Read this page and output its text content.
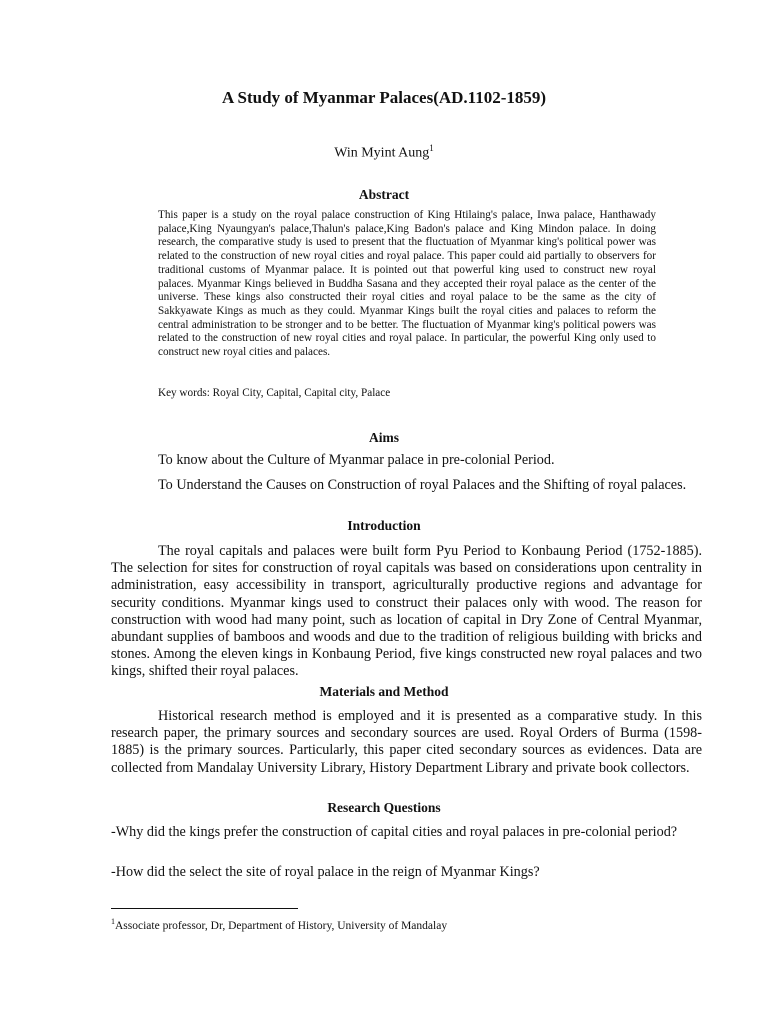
A Study of Myanmar Palaces(AD.1102-1859)
Win Myint Aung$^1$
Abstract

This paper is a study on the royal palace construction of King Htilaing's palace, Inwa palace, Hanthawady palace,King Nyaungyan's palace,Thalun's palace,King Badon's palace and King Mindon palace. In doing research, the comparative study is used to present that the fluctuation of Myanmar king's political power was related to the construction of new royal cities and royal palace. This paper could aid partially to observers for traditional customs of Myanmar palace. It is pointed out that powerful king used to construct new royal palaces. Myanmar Kings believed in Buddha Sasana and they accepted their royal palace as the center of the universe. These kings also constructed their royal cities and royal palace to be the same as the city of Sakkyawate Kings as much as they could. Myanmar Kings built the royal cities and palaces to reform the central administration to be stronger and to be better. The fluctuation of Myanmar king's political powers was related to the construction of new royal cities and royal palace. In particular, the powerful King only used to construct new royal cities and palaces.

Key words: Royal City, Capital, Capital city, Palace
Aims

To know about the Culture of Myanmar palace in pre-colonial Period.

To Understand the Causes on Construction of royal Palaces and the Shifting of royal palaces.

Introduction

The royal capitals and palaces were built form Pyu Period to Konbaung Period (1752-1885). The selection for sites for construction of royal capitals was based on considerations upon centrality in administration, easy accessibility in transport, agriculturally productive regions and advantage for security conditions. Myanmar kings used to construct their palaces only with wood. The reason for construction with wood had many point, such as location of capital in Dry Zone of Central Myanmar, abundant supplies of bamboos and woods and due to the tradition of religious building with bricks and stones. Among the eleven kings in Konbaung Period, five kings constructed new royal palaces and two kings, shifted their royal palaces.

Materials and Method

Historical research method is employed and it is presented as a comparative study. In this research paper, the primary sources and secondary sources are used. Royal Orders of Burma (1598-1885) is the primary sources. Particularly, this paper cited secondary sources as evidences. Data are collected from Mandalay University Library, History Department Library and private book collectors.

Research Questions

-Why did the kings prefer the construction of capital cities and royal palaces in pre-colonial period?

-How did the select the site of royal palace in the reign of Myanmar Kings?

$^1$Associate professor, Dr, Department of History, University of Mandalay
